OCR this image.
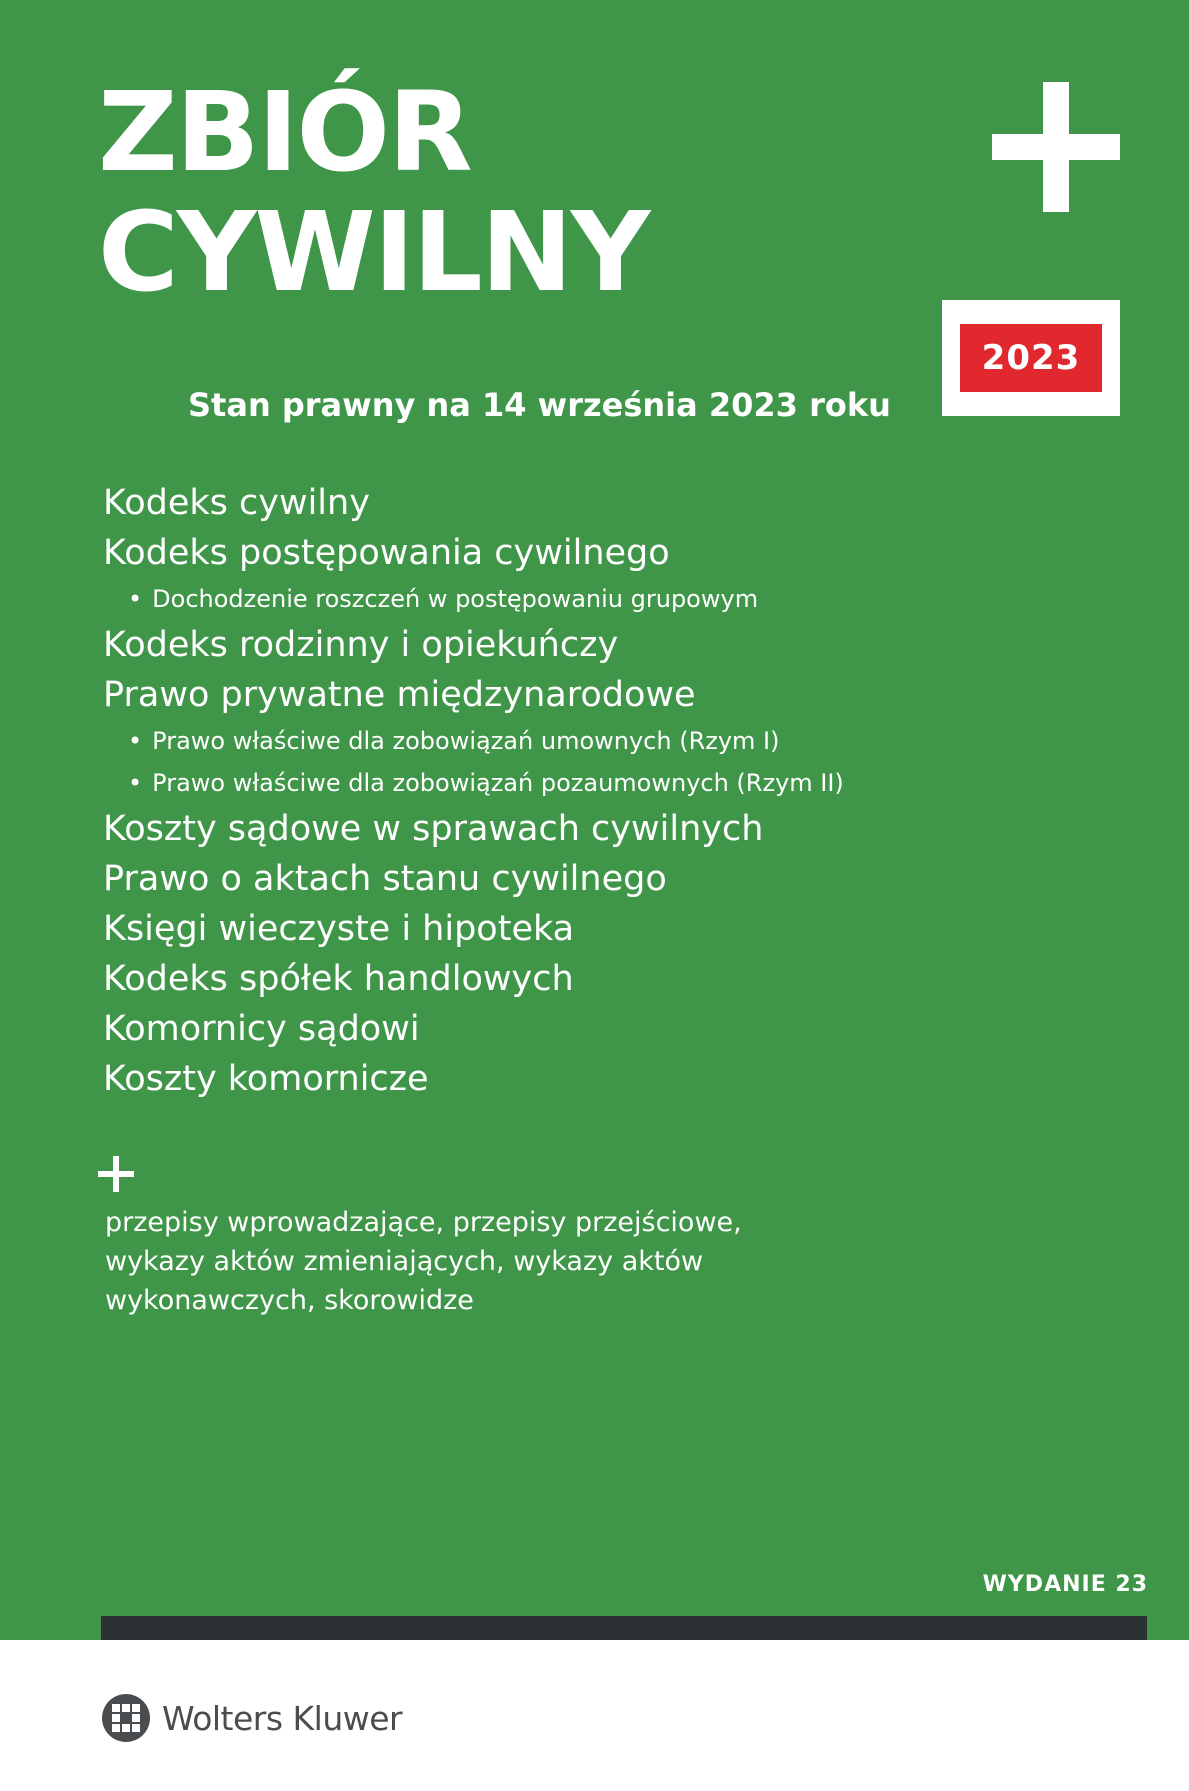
ZBIÓR
CYWILNY
2023

Stan prawny na 14 września 2023 roku

Kodeks cywilny
Kodeks postępowania cywilnego
• Dochodzenie roszczeń w postępowaniu grupowym
Kodeks rodzinny i opiekuńczy
Prawo prywatne międzynarodowe
• Prawo właściwe dla zobowiązań umownych (Rzym I)
• Prawo właściwe dla zobowiązań pozaumownych (Rzym II)
Koszty sądowe w sprawach cywilnych
Prawo o aktach stanu cywilnego
Księgi wieczyste i hipoteka
Kodeks spółek handlowych
Komornicy sądowi
Koszty komornicze

przepisy wprowadzające, przepisy przejściowe,
wykazy aktów zmieniających, wykazy aktów
wykonawczych, skorowidze

WYDANIE 23

Wolters Kluwer
